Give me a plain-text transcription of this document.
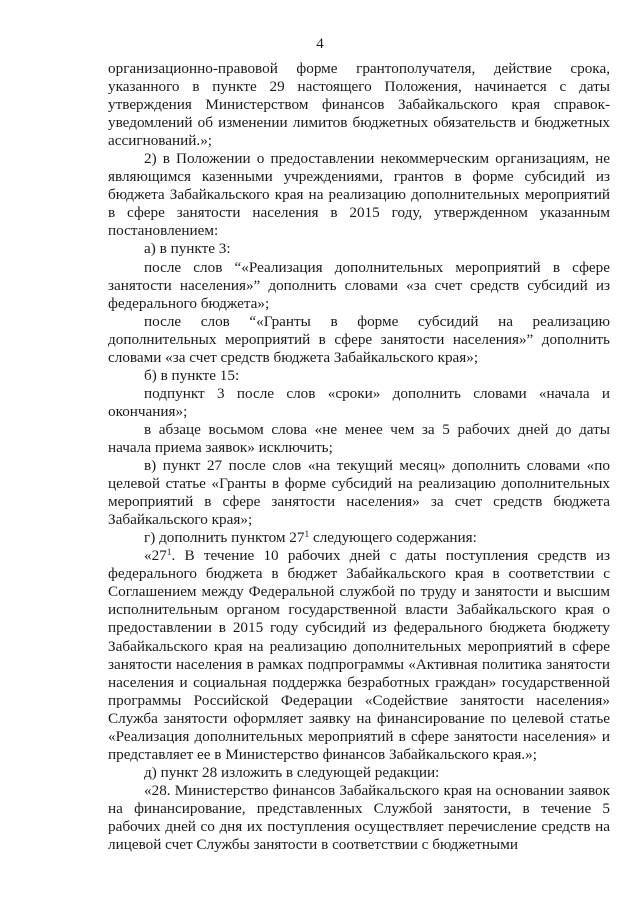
4

организационно-правовой форме грантополучателя, действие срока, указанного в пункте 29 настоящего Положения, начинается с даты утверждения Министерством финансов Забайкальского края справок-уведомлений об изменении лимитов бюджетных обязательств и бюджетных ассигнований.»;

2) в Положении о предоставлении некоммерческим организациям, не являющимся казенными учреждениями, грантов в форме субсидий из бюджета Забайкальского края на реализацию дополнительных мероприятий в сфере занятости населения в 2015 году, утвержденном указанным постановлением:

а) в пункте 3:

после слов “«Реализация дополнительных мероприятий в сфере занятости населения»” дополнить словами «за счет средств субсидий из федерального бюджета»;

после слов “«Гранты в форме субсидий на реализацию дополнительных мероприятий в сфере занятости населения»” дополнить словами «за счет средств бюджета Забайкальского края»;

б) в пункте 15:

подпункт 3 после слов «сроки» дополнить словами «начала и окончания»;

в абзаце восьмом слова «не менее чем за 5 рабочих дней до даты начала приема заявок» исключить;

в) пункт 27 после слов «на текущий месяц» дополнить словами «по целевой статье «Гранты в форме субсидий на реализацию дополнительных мероприятий в сфере занятости населения» за счет средств бюджета Забайкальского края»;

г) дополнить пунктом $27^1$ следующего содержания:

«$27^1$. В течение 10 рабочих дней с даты поступления средств из федерального бюджета в бюджет Забайкальского края в соответствии с Соглашением между Федеральной службой по труду и занятости и высшим исполнительным органом государственной власти Забайкальского края о предоставлении в 2015 году субсидий из федерального бюджета бюджету Забайкальского края на реализацию дополнительных мероприятий в сфере занятости населения в рамках подпрограммы «Активная политика занятости населения и социальная поддержка безработных граждан» государственной программы Российской Федерации «Содействие занятости населения» Служба занятости оформляет заявку на финансирование по целевой статье «Реализация дополнительных мероприятий в сфере занятости населения» и представляет ее в Министерство финансов Забайкальского края.»;

д) пункт 28 изложить в следующей редакции:

«28. Министерство финансов Забайкальского края на основании заявок на финансирование, представленных Службой занятости, в течение 5 рабочих дней со дня их поступления осуществляет перечисление средств на лицевой счет Службы занятости в соответствии с бюджетными
